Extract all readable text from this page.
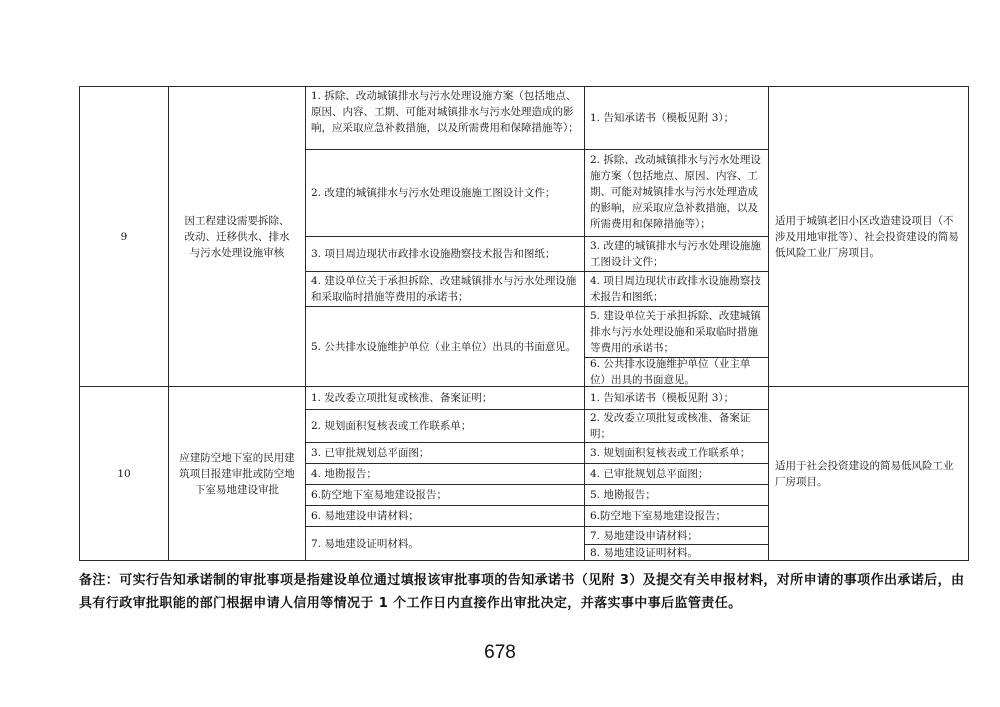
9
因工程建设需要拆除、改动、迁移供水、排水与污水处理设施审核
1. 拆除、改动城镇排水与污水处理设施方案（包括地点、原因、内容、工期、可能对城镇排水与污水处理造成的影响，应采取应急补救措施，以及所需费用和保障措施等）；
2. 改建的城镇排水与污水处理设施施工图设计文件；
3. 项目周边现状市政排水设施勘察技术报告和图纸；
4. 建设单位关于承担拆除、改建城镇排水与污水处理设施和采取临时措施等费用的承诺书；
5. 公共排水设施维护单位（业主单位）出具的书面意见。
1. 告知承诺书（模板见附 3）；
2. 拆除、改动城镇排水与污水处理设施方案（包括地点、原因、内容、工期、可能对城镇排水与污水处理造成的影响，应采取应急补救措施，以及所需费用和保障措施等）；
3. 改建的城镇排水与污水处理设施施工图设计文件；
4. 项目周边现状市政排水设施勘察技术报告和图纸；
5. 建设单位关于承担拆除、改建城镇排水与污水处理设施和采取临时措施等费用的承诺书；
6. 公共排水设施维护单位（业主单位）出具的书面意见。
适用于城镇老旧小区改造建设项目（不涉及用地审批等）、社会投资建设的简易低风险工业厂房项目。
10
应建防空地下室的民用建筑项目报建审批或防空地下室易地建设审批
1. 发改委立项批复或核准、备案证明；
2. 规划面积复核表或工作联系单；
3. 已审批规划总平面图；
4. 地勘报告；
6.防空地下室易地建设报告；
6. 易地建设申请材料；
7. 易地建设证明材料。
1. 告知承诺书（模板见附 3）；
2. 发改委立项批复或核准、备案证明；
3. 规划面积复核表或工作联系单；
4. 已审批规划总平面图；
5. 地勘报告；
6.防空地下室易地建设报告；
7. 易地建设申请材料；
8. 易地建设证明材料。
适用于社会投资建设的简易低风险工业厂房项目。
备注：可实行告知承诺制的审批事项是指建设单位通过填报该审批事项的告知承诺书（见附 3）及提交有关申报材料，对所申请的事项作出承诺后，由具有行政审批职能的部门根据申请人信用等情况于 1 个工作日内直接作出审批决定，并落实事中事后监管责任。
678
